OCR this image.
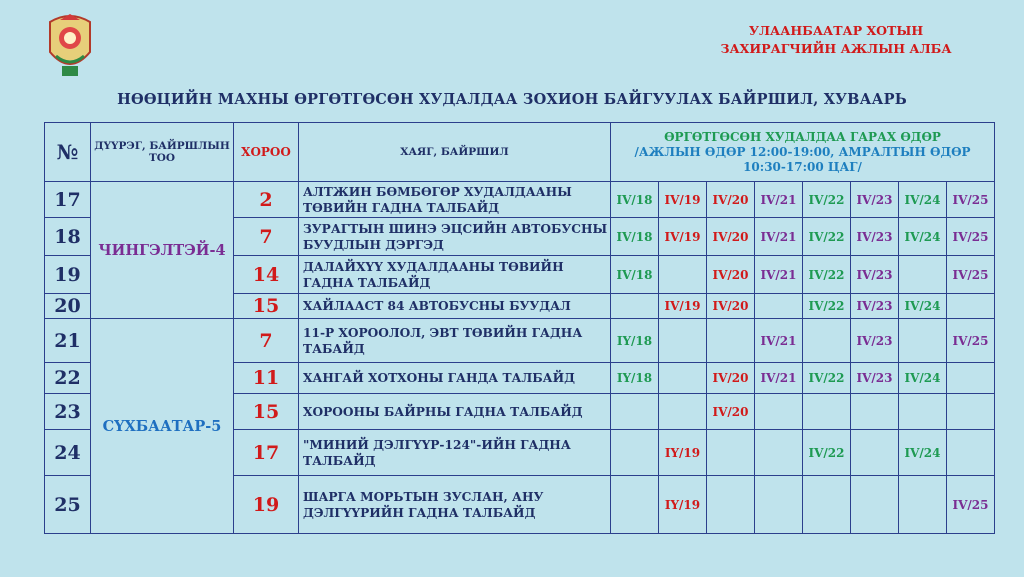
УЛААНБААТАР ХОТЫН
ЗАХИРАГЧИЙН АЖЛЫН АЛБА
НӨӨЦИЙН МАХНЫ ӨРГӨТГӨСӨН ХУДАЛДАА ЗОХИОН БАЙГУУЛАХ БАЙРШИЛ, ХУВААРЬ
№	ДҮҮРЭГ, БАЙРШЛЫН ТОО	ХОРОО	ХАЯГ, БАЙРШИЛ	ӨРГӨТГӨСӨН ХУДАЛДАА ГАРАХ ӨДӨР
/АЖЛЫН ӨДӨР 12:00-19:00, АМРАЛТЫН ӨДӨР
10:30-17:00 ЦАГ/							

17	ЧИНГЭЛТЭЙ-4	2	АЛТЖИН БӨМБӨГӨР ХУДАЛДААНЫ ТӨВИЙН ГАДНА ТАЛБАЙД	IV/18	IV/19	IV/20	IV/21	IV/22	IV/23	IV/24	IV/25
18		7	ЗУРАГТЫН ШИНЭ ЭЦСИЙН АВТОБУСНЫ БУУДЛЫН ДЭРГЭД	IV/18	IV/19	IV/20	IV/21	IV/22	IV/23	IV/24	IV/25
19		14	ДАЛАЙХҮҮ ХУДАЛДААНЫ ТӨВИЙН ГАДНА ТАЛБАЙД	IV/18		IV/20	IV/21	IV/22	IV/23		IV/25
20		15	ХАЙЛААСТ 84 АВТОБУСНЫ БУУДАЛ		IV/19	IV/20		IV/22	IV/23	IV/24	
21	СҮХБААТАР-5	7	11-Р ХОРООЛОЛ, ЭВТ ТӨВИЙН ГАДНА ТАБАЙД	IY/18			IV/21		IV/23		IV/25
22		11	ХАНГАЙ ХОТХОНЫ ГАНДА ТАЛБАЙД	IY/18		IV/20	IV/21	IV/22	IV/23	IV/24	
23		15	ХОРООНЫ БАЙРНЫ ГАДНА ТАЛБАЙД			IV/20					
24		17	"МИНИЙ ДЭЛГҮҮР-124"-ИЙН ГАДНА ТАЛБАЙД		IY/19			IV/22		IV/24	
25		19	ШАРГА МОРЬТЫН ЗУСЛАН, АНУ ДЭЛГҮҮРИЙН ГАДНА ТАЛБАЙД		IY/19						IV/25
